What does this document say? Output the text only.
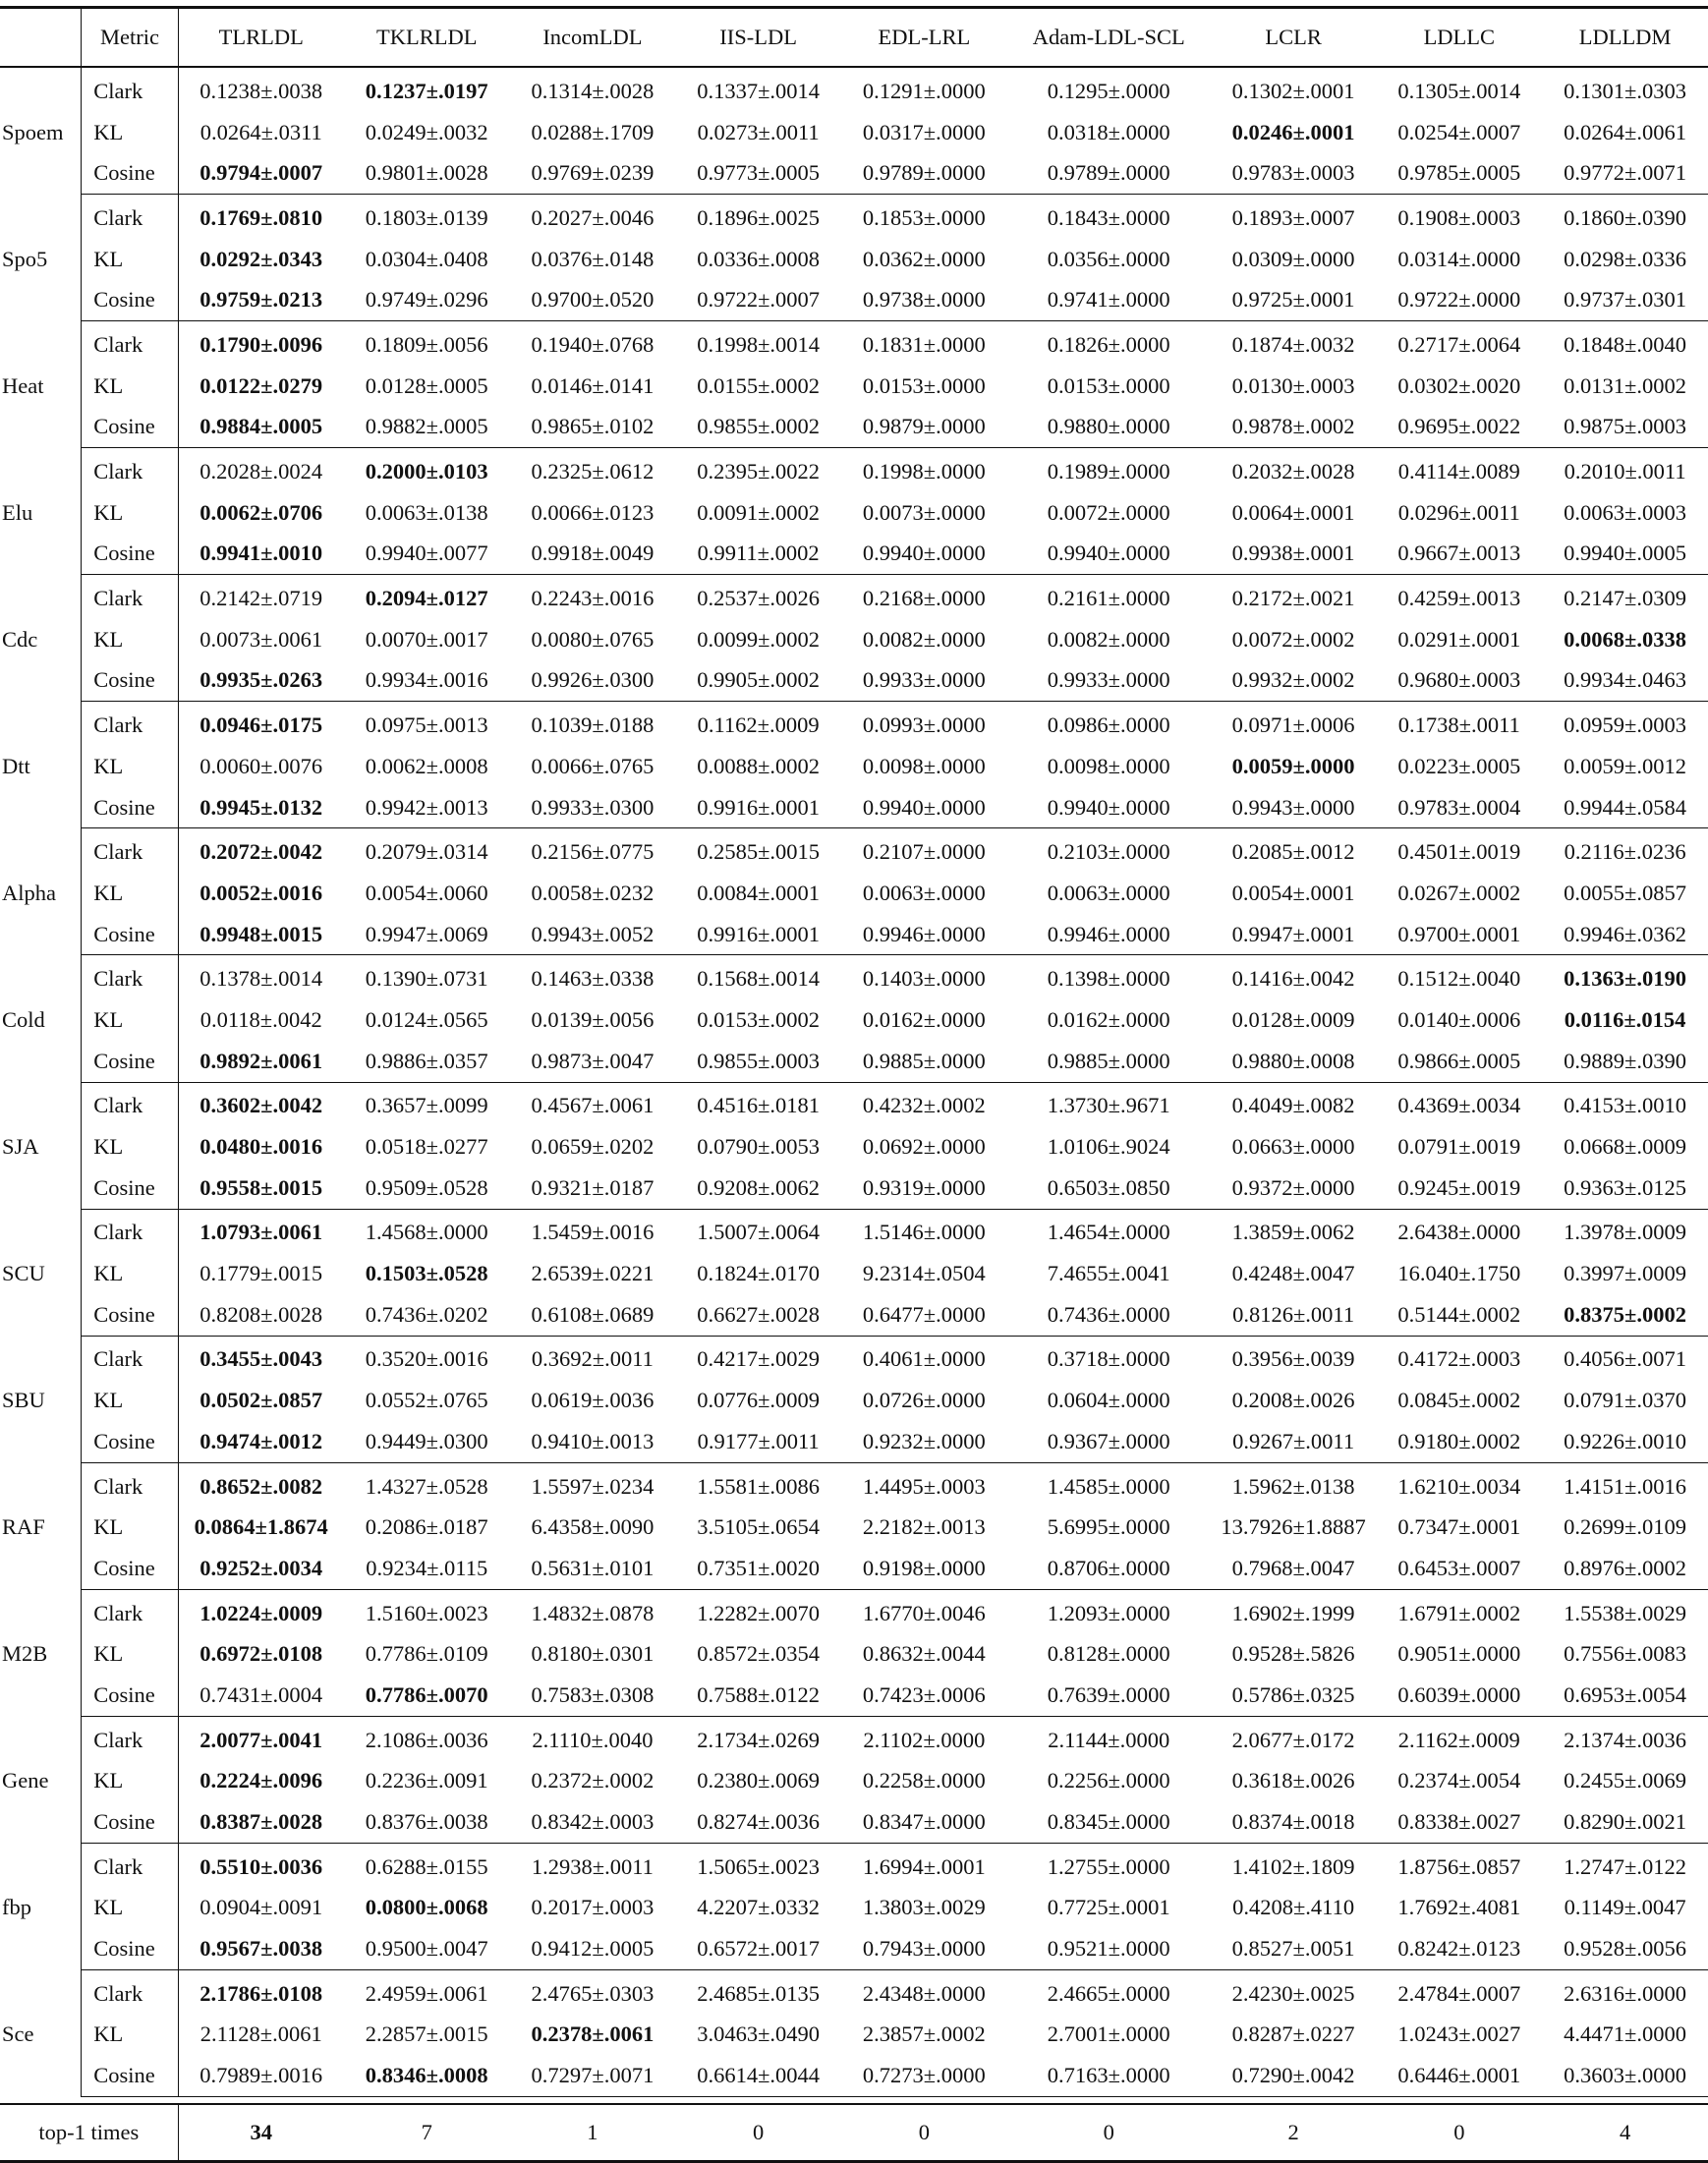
	Metric	TLRLDL	TKLRLDL	IncomLDL	IIS-LDL	EDL-LRL	Adam-LDL-SCL	LCLR	LDLLC	LDLLDM
Spoem	Clark	0.1238±.0038	0.1237±.0197	0.1314±.0028	0.1337±.0014	0.1291±.0000	0.1295±.0000	0.1302±.0001	0.1305±.0014	0.1301±.0303
	KL	0.0264±.0311	0.0249±.0032	0.0288±.1709	0.0273±.0011	0.0317±.0000	0.0318±.0000	0.0246±.0001	0.0254±.0007	0.0264±.0061
	Cosine	0.9794±.0007	0.9801±.0028	0.9769±.0239	0.9773±.0005	0.9789±.0000	0.9789±.0000	0.9783±.0003	0.9785±.0005	0.9772±.0071
Spo5	Clark	0.1769±.0810	0.1803±.0139	0.2027±.0046	0.1896±.0025	0.1853±.0000	0.1843±.0000	0.1893±.0007	0.1908±.0003	0.1860±.0390
	KL	0.0292±.0343	0.0304±.0408	0.0376±.0148	0.0336±.0008	0.0362±.0000	0.0356±.0000	0.0309±.0000	0.0314±.0000	0.0298±.0336
	Cosine	0.9759±.0213	0.9749±.0296	0.9700±.0520	0.9722±.0007	0.9738±.0000	0.9741±.0000	0.9725±.0001	0.9722±.0000	0.9737±.0301
Heat	Clark	0.1790±.0096	0.1809±.0056	0.1940±.0768	0.1998±.0014	0.1831±.0000	0.1826±.0000	0.1874±.0032	0.2717±.0064	0.1848±.0040
	KL	0.0122±.0279	0.0128±.0005	0.0146±.0141	0.0155±.0002	0.0153±.0000	0.0153±.0000	0.0130±.0003	0.0302±.0020	0.0131±.0002
	Cosine	0.9884±.0005	0.9882±.0005	0.9865±.0102	0.9855±.0002	0.9879±.0000	0.9880±.0000	0.9878±.0002	0.9695±.0022	0.9875±.0003
Elu	Clark	0.2028±.0024	0.2000±.0103	0.2325±.0612	0.2395±.0022	0.1998±.0000	0.1989±.0000	0.2032±.0028	0.4114±.0089	0.2010±.0011
	KL	0.0062±.0706	0.0063±.0138	0.0066±.0123	0.0091±.0002	0.0073±.0000	0.0072±.0000	0.0064±.0001	0.0296±.0011	0.0063±.0003
	Cosine	0.9941±.0010	0.9940±.0077	0.9918±.0049	0.9911±.0002	0.9940±.0000	0.9940±.0000	0.9938±.0001	0.9667±.0013	0.9940±.0005
Cdc	Clark	0.2142±.0719	0.2094±.0127	0.2243±.0016	0.2537±.0026	0.2168±.0000	0.2161±.0000	0.2172±.0021	0.4259±.0013	0.2147±.0309
	KL	0.0073±.0061	0.0070±.0017	0.0080±.0765	0.0099±.0002	0.0082±.0000	0.0082±.0000	0.0072±.0002	0.0291±.0001	0.0068±.0338
	Cosine	0.9935±.0263	0.9934±.0016	0.9926±.0300	0.9905±.0002	0.9933±.0000	0.9933±.0000	0.9932±.0002	0.9680±.0003	0.9934±.0463
Dtt	Clark	0.0946±.0175	0.0975±.0013	0.1039±.0188	0.1162±.0009	0.0993±.0000	0.0986±.0000	0.0971±.0006	0.1738±.0011	0.0959±.0003
	KL	0.0060±.0076	0.0062±.0008	0.0066±.0765	0.0088±.0002	0.0098±.0000	0.0098±.0000	0.0059±.0000	0.0223±.0005	0.0059±.0012
	Cosine	0.9945±.0132	0.9942±.0013	0.9933±.0300	0.9916±.0001	0.9940±.0000	0.9940±.0000	0.9943±.0000	0.9783±.0004	0.9944±.0584
Alpha	Clark	0.2072±.0042	0.2079±.0314	0.2156±.0775	0.2585±.0015	0.2107±.0000	0.2103±.0000	0.2085±.0012	0.4501±.0019	0.2116±.0236
	KL	0.0052±.0016	0.0054±.0060	0.0058±.0232	0.0084±.0001	0.0063±.0000	0.0063±.0000	0.0054±.0001	0.0267±.0002	0.0055±.0857
	Cosine	0.9948±.0015	0.9947±.0069	0.9943±.0052	0.9916±.0001	0.9946±.0000	0.9946±.0000	0.9947±.0001	0.9700±.0001	0.9946±.0362
Cold	Clark	0.1378±.0014	0.1390±.0731	0.1463±.0338	0.1568±.0014	0.1403±.0000	0.1398±.0000	0.1416±.0042	0.1512±.0040	0.1363±.0190
	KL	0.0118±.0042	0.0124±.0565	0.0139±.0056	0.0153±.0002	0.0162±.0000	0.0162±.0000	0.0128±.0009	0.0140±.0006	0.0116±.0154
	Cosine	0.9892±.0061	0.9886±.0357	0.9873±.0047	0.9855±.0003	0.9885±.0000	0.9885±.0000	0.9880±.0008	0.9866±.0005	0.9889±.0390
SJA	Clark	0.3602±.0042	0.3657±.0099	0.4567±.0061	0.4516±.0181	0.4232±.0002	1.3730±.9671	0.4049±.0082	0.4369±.0034	0.4153±.0010
	KL	0.0480±.0016	0.0518±.0277	0.0659±.0202	0.0790±.0053	0.0692±.0000	1.0106±.9024	0.0663±.0000	0.0791±.0019	0.0668±.0009
	Cosine	0.9558±.0015	0.9509±.0528	0.9321±.0187	0.9208±.0062	0.9319±.0000	0.6503±.0850	0.9372±.0000	0.9245±.0019	0.9363±.0125
SCU	Clark	1.0793±.0061	1.4568±.0000	1.5459±.0016	1.5007±.0064	1.5146±.0000	1.4654±.0000	1.3859±.0062	2.6438±.0000	1.3978±.0009
	KL	0.1779±.0015	0.1503±.0528	2.6539±.0221	0.1824±.0170	9.2314±.0504	7.4655±.0041	0.4248±.0047	16.040±.1750	0.3997±.0009
	Cosine	0.8208±.0028	0.7436±.0202	0.6108±.0689	0.6627±.0028	0.6477±.0000	0.7436±.0000	0.8126±.0011	0.5144±.0002	0.8375±.0002
SBU	Clark	0.3455±.0043	0.3520±.0016	0.3692±.0011	0.4217±.0029	0.4061±.0000	0.3718±.0000	0.3956±.0039	0.4172±.0003	0.4056±.0071
	KL	0.0502±.0857	0.0552±.0765	0.0619±.0036	0.0776±.0009	0.0726±.0000	0.0604±.0000	0.2008±.0026	0.0845±.0002	0.0791±.0370
	Cosine	0.9474±.0012	0.9449±.0300	0.9410±.0013	0.9177±.0011	0.9232±.0000	0.9367±.0000	0.9267±.0011	0.9180±.0002	0.9226±.0010
RAF	Clark	0.8652±.0082	1.4327±.0528	1.5597±.0234	1.5581±.0086	1.4495±.0003	1.4585±.0000	1.5962±.0138	1.6210±.0034	1.4151±.0016
	KL	0.0864±1.8674	0.2086±.0187	6.4358±.0090	3.5105±.0654	2.2182±.0013	5.6995±.0000	13.7926±1.8887	0.7347±.0001	0.2699±.0109
	Cosine	0.9252±.0034	0.9234±.0115	0.5631±.0101	0.7351±.0020	0.9198±.0000	0.8706±.0000	0.7968±.0047	0.6453±.0007	0.8976±.0002
M2B	Clark	1.0224±.0009	1.5160±.0023	1.4832±.0878	1.2282±.0070	1.6770±.0046	1.2093±.0000	1.6902±.1999	1.6791±.0002	1.5538±.0029
	KL	0.6972±.0108	0.7786±.0109	0.8180±.0301	0.8572±.0354	0.8632±.0044	0.8128±.0000	0.9528±.5826	0.9051±.0000	0.7556±.0083
	Cosine	0.7431±.0004	0.7786±.0070	0.7583±.0308	0.7588±.0122	0.7423±.0006	0.7639±.0000	0.5786±.0325	0.6039±.0000	0.6953±.0054
Gene	Clark	2.0077±.0041	2.1086±.0036	2.1110±.0040	2.1734±.0269	2.1102±.0000	2.1144±.0000	2.0677±.0172	2.1162±.0009	2.1374±.0036
	KL	0.2224±.0096	0.2236±.0091	0.2372±.0002	0.2380±.0069	0.2258±.0000	0.2256±.0000	0.3618±.0026	0.2374±.0054	0.2455±.0069
	Cosine	0.8387±.0028	0.8376±.0038	0.8342±.0003	0.8274±.0036	0.8347±.0000	0.8345±.0000	0.8374±.0018	0.8338±.0027	0.8290±.0021
fbp	Clark	0.5510±.0036	0.6288±.0155	1.2938±.0011	1.5065±.0023	1.6994±.0001	1.2755±.0000	1.4102±.1809	1.8756±.0857	1.2747±.0122
	KL	0.0904±.0091	0.0800±.0068	0.2017±.0003	4.2207±.0332	1.3803±.0029	0.7725±.0001	0.4208±.4110	1.7692±.4081	0.1149±.0047
	Cosine	0.9567±.0038	0.9500±.0047	0.9412±.0005	0.6572±.0017	0.7943±.0000	0.9521±.0000	0.8527±.0051	0.8242±.0123	0.9528±.0056
Sce	Clark	2.1786±.0108	2.4959±.0061	2.4765±.0303	2.4685±.0135	2.4348±.0000	2.4665±.0000	2.4230±.0025	2.4784±.0007	2.6316±.0000
	KL	2.1128±.0061	2.2857±.0015	0.2378±.0061	3.0463±.0490	2.3857±.0002	2.7001±.0000	0.8287±.0227	1.0243±.0027	4.4471±.0000
	Cosine	0.7989±.0016	0.8346±.0008	0.7297±.0071	0.6614±.0044	0.7273±.0000	0.7163±.0000	0.7290±.0042	0.6446±.0001	0.3603±.0000

top-1 times		34	7	1	0	0	0	2	0	4
